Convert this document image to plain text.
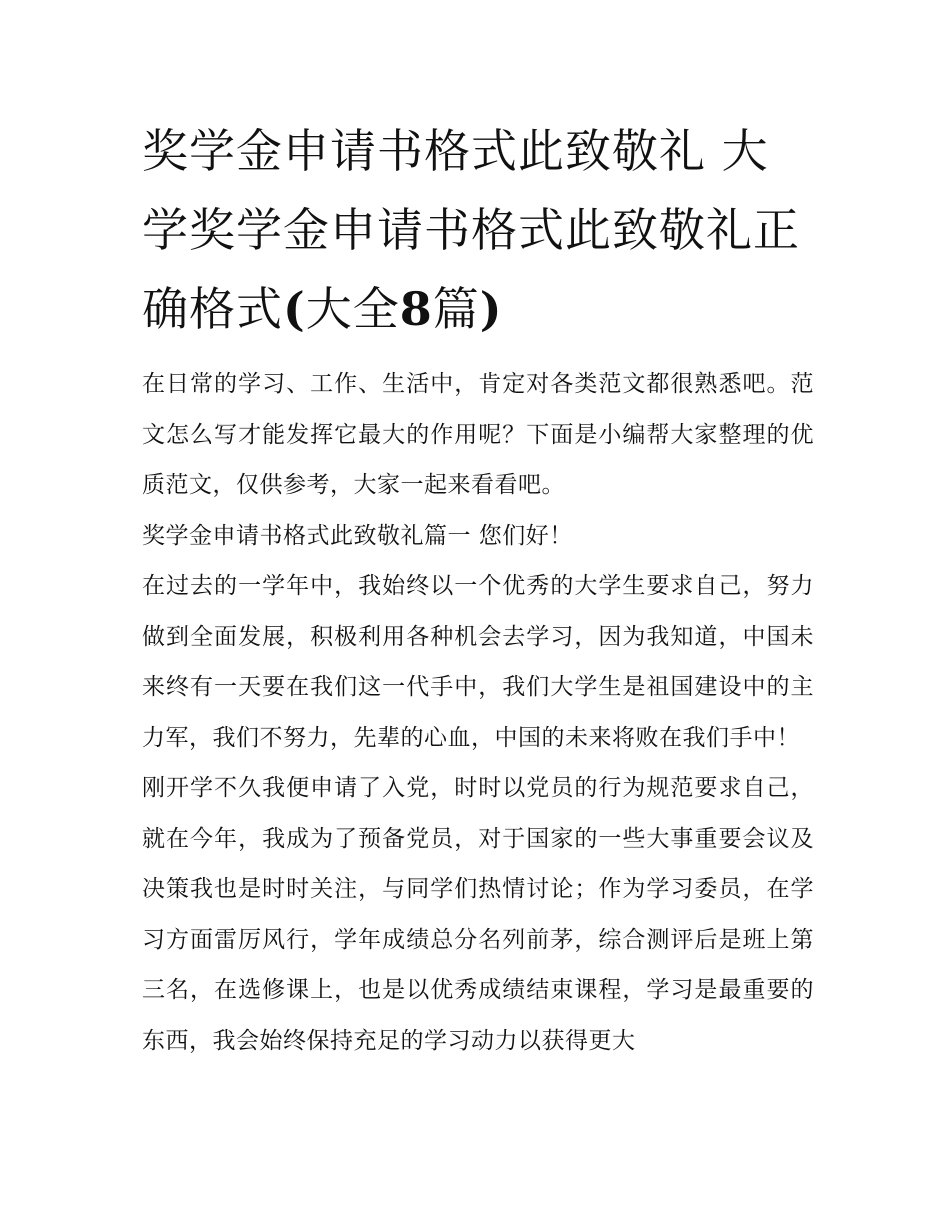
奖学金申请书格式此致敬礼 大学奖学金申请书格式此致敬礼正确格式(大全8篇)

在日常的学习、工作、生活中，肯定对各类范文都很熟悉吧。范文怎么写才能发挥它最大的作用呢？下面是小编帮大家整理的优质范文，仅供参考，大家一起来看看吧。

奖学金申请书格式此致敬礼篇一 您们好！

在过去的一学年中，我始终以一个优秀的大学生要求自己，努力做到全面发展，积极利用各种机会去学习，因为我知道，中国未来终有一天要在我们这一代手中，我们大学生是祖国建设中的主力军，我们不努力，先辈的心血，中国的未来将败在我们手中！

刚开学不久我便申请了入党，时时以党员的行为规范要求自己，就在今年，我成为了预备党员，对于国家的一些大事重要会议及决策我也是时时关注，与同学们热情讨论；作为学习委员，在学习方面雷厉风行，学年成绩总分名列前茅，综合测评后是班上第三名，在选修课上，也是以优秀成绩结束课程，学习是最重要的东西，我会始终保持充足的学习动力以获得更大
